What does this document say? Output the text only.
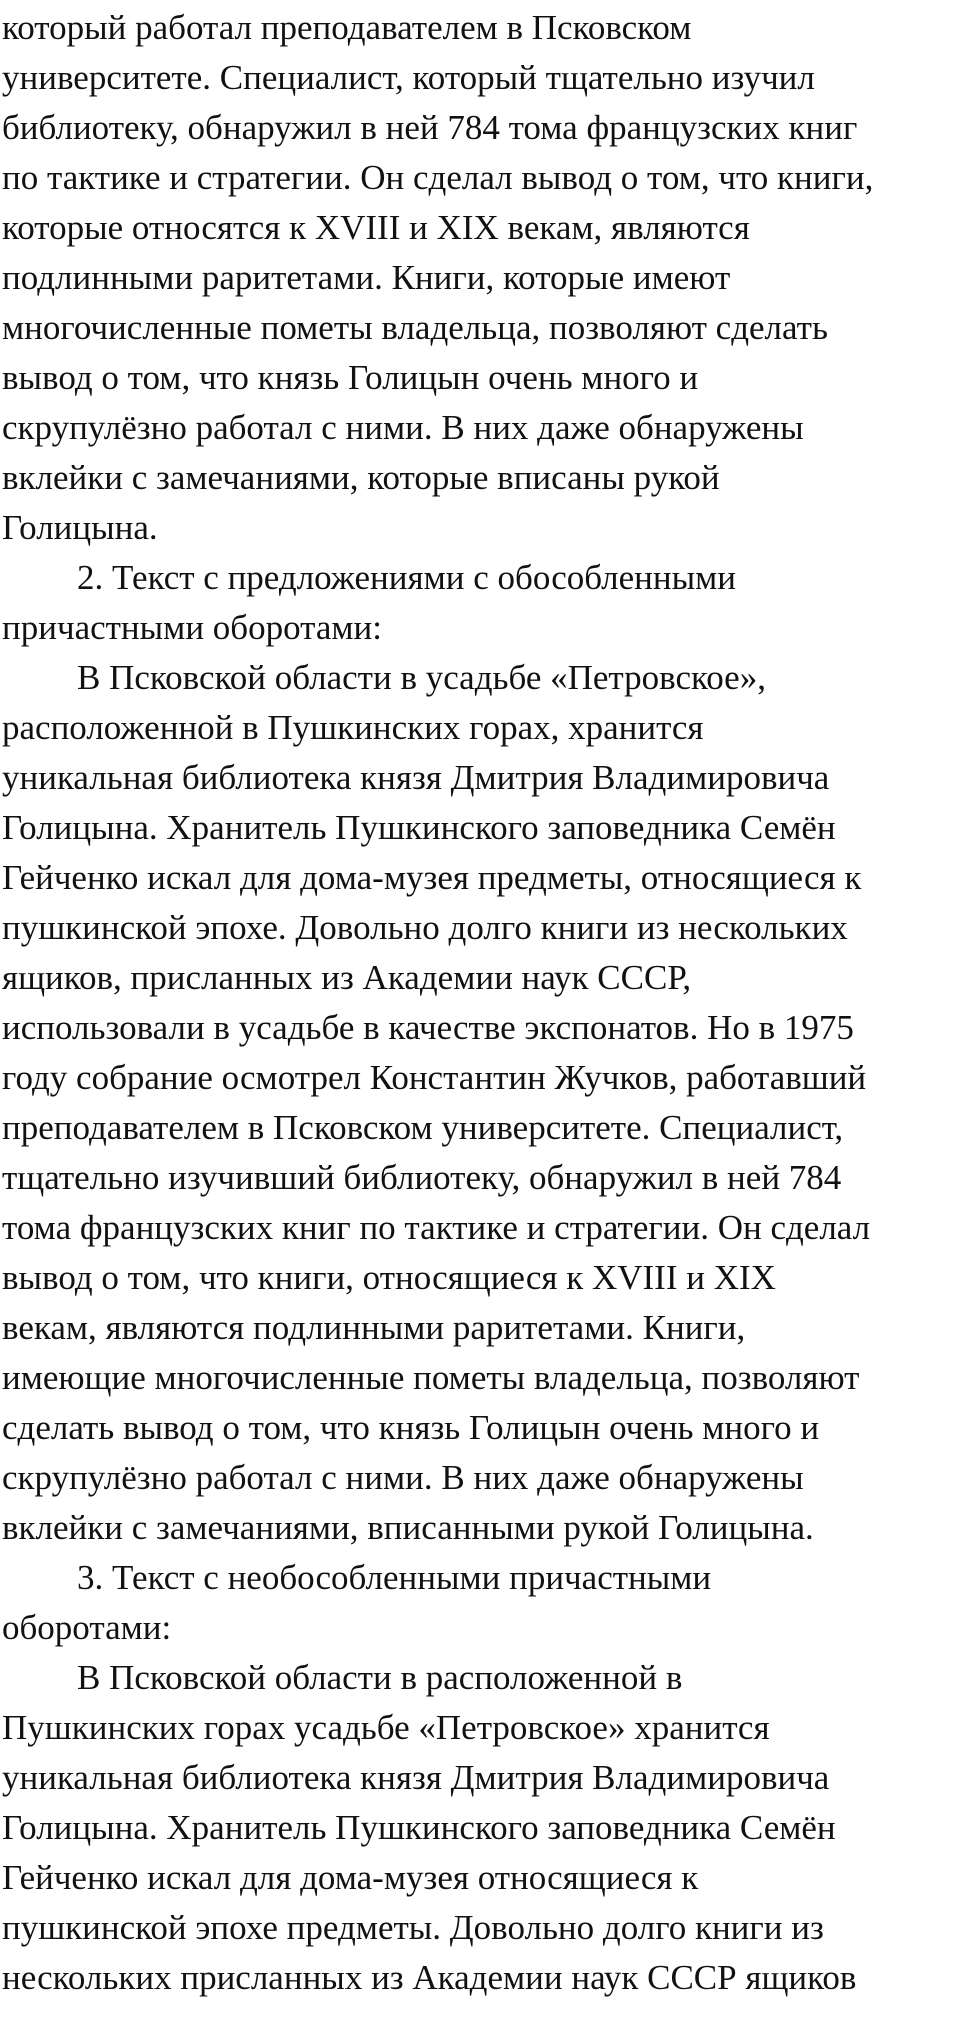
который работал преподавателем в Псковском

университете. Специалист, который тщательно изучил

библиотеку, обнаружил в ней 784 тома французских книг

по тактике и стратегии. Он сделал вывод о том, что книги,

которые относятся к XVIII и XIX векам, являются

подлинными раритетами. Книги, которые имеют

многочисленные пометы владельца, позволяют сделать

вывод о том, что князь Голицын очень много и

скрупулёзно работал с ними. В них даже обнаружены

вклейки с замечаниями, которые вписаны рукой

Голицына.

2. Текст с предложениями с обособленными

причастными оборотами:

В Псковской области в усадьбе «Петровское»,

расположенной в Пушкинских горах, хранится

уникальная библиотека князя Дмитрия Владимировича

Голицына. Хранитель Пушкинского заповедника Семён

Гейченко искал для дома-музея предметы, относящиеся к

пушкинской эпохе. Довольно долго книги из нескольких

ящиков, присланных из Академии наук СССР,

использовали в усадьбе в качестве экспонатов. Но в 1975

году собрание осмотрел Константин Жучков, работавший

преподавателем в Псковском университете. Специалист,

тщательно изучивший библиотеку, обнаружил в ней 784

тома французских книг по тактике и стратегии. Он сделал

вывод о том, что книги, относящиеся к XVIII и XIX

векам, являются подлинными раритетами. Книги,

имеющие многочисленные пометы владельца, позволяют

сделать вывод о том, что князь Голицын очень много и

скрупулёзно работал с ними. В них даже обнаружены

вклейки с замечаниями, вписанными рукой Голицына.

3. Текст с необособленными причастными

оборотами:

В Псковской области в расположенной в

Пушкинских горах усадьбе «Петровское» хранится

уникальная библиотека князя Дмитрия Владимировича

Голицына. Хранитель Пушкинского заповедника Семён

Гейченко искал для дома-музея относящиеся к

пушкинской эпохе предметы. Довольно долго книги из

нескольких присланных из Академии наук СССР ящиков
